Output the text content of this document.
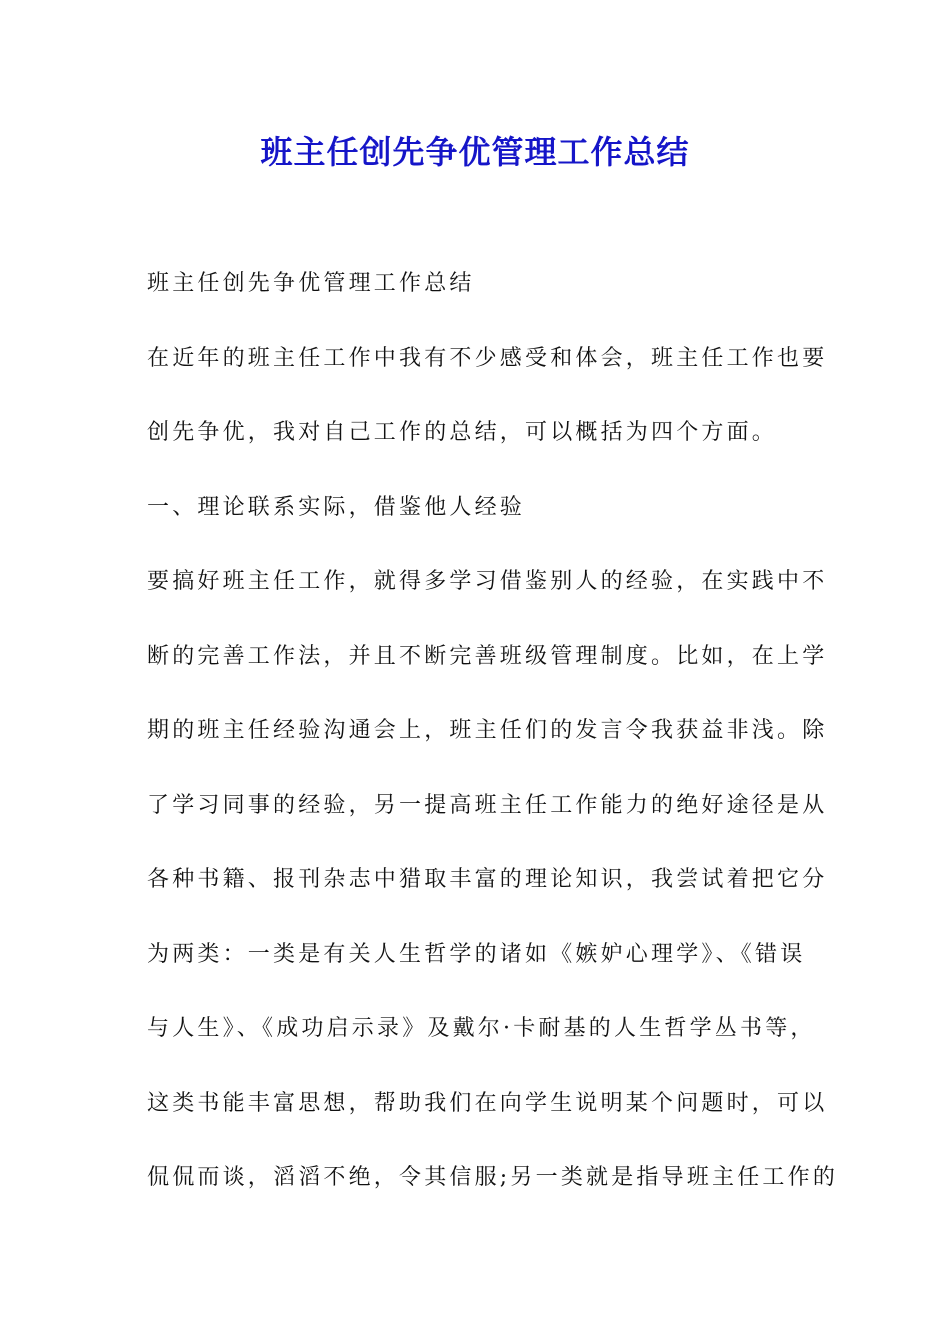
班主任创先争优管理工作总结
班主任创先争优管理工作总结
在近年的班主任工作中我有不少感受和体会，班主任工作也要
创先争优，我对自己工作的总结，可以概括为四个方面。
一、理论联系实际，借鉴他人经验
要搞好班主任工作，就得多学习借鉴别人的经验，在实践中不
断的完善工作法，并且不断完善班级管理制度。比如，在上学
期的班主任经验沟通会上，班主任们的发言令我获益非浅。除
了学习同事的经验，另一提高班主任工作能力的绝好途径是从
各种书籍、报刊杂志中猎取丰富的理论知识，我尝试着把它分
为两类：一类是有关人生哲学的诸如《嫉妒心理学》、《错误
与人生》、《成功启示录》及戴尔·卡耐基的人生哲学丛书等，
这类书能丰富思想，帮助我们在向学生说明某个问题时，可以
侃侃而谈，滔滔不绝，令其信服;另一类就是指导班主任工作的
